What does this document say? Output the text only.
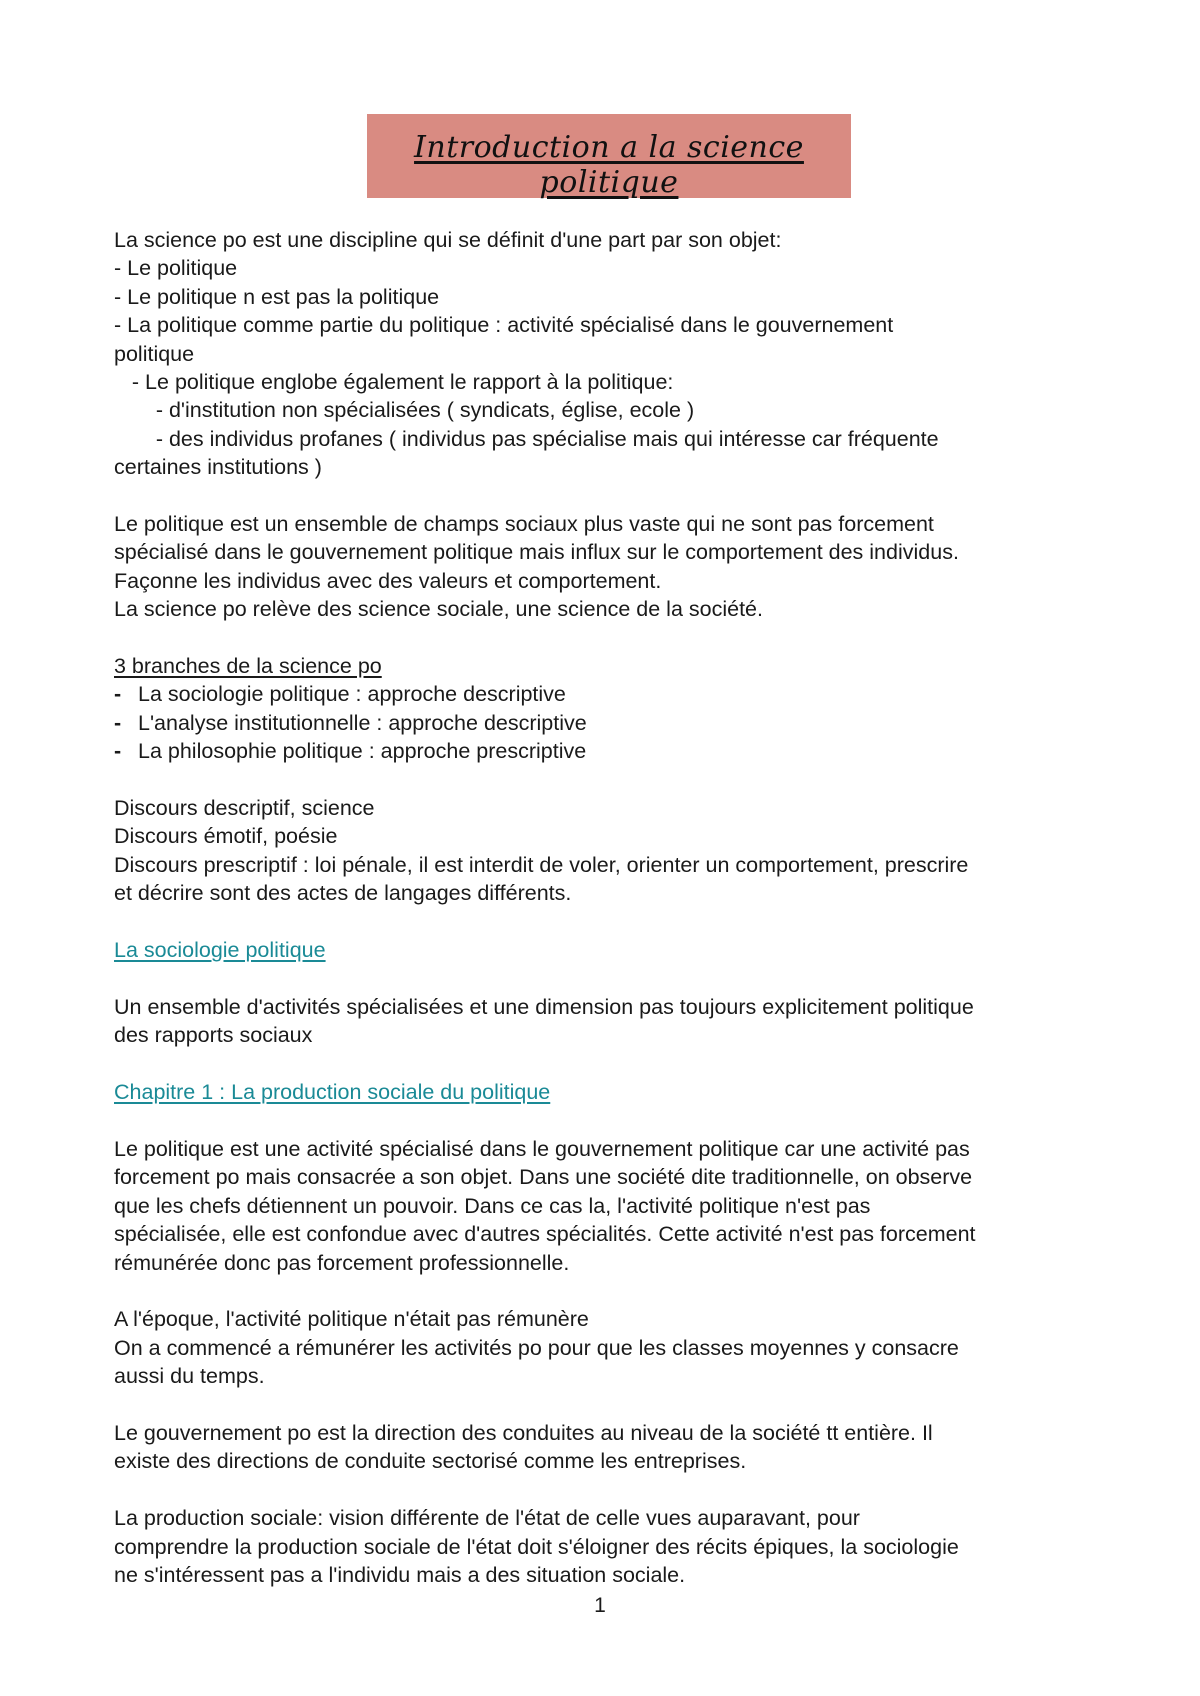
Introduction a la science politique
La science po est une discipline qui se définit d'une part par son objet:
- Le politique
- Le politique n est pas la politique
- La politique comme partie du politique : activité spécialisé dans le gouvernement
politique
- Le politique englobe également le rapport à la politique:
- d'institution non spécialisées ( syndicats, église, ecole )
- des individus profanes ( individus pas spécialise mais qui intéresse car fréquente
certaines institutions )
Le politique est un ensemble de champs sociaux plus vaste qui ne sont pas forcement
spécialisé dans le gouvernement politique mais influx sur le comportement des individus.
Façonne les individus avec des valeurs et comportement.
La science po relève des science sociale, une science de la société.
3 branches de la science po
- La sociologie politique : approche descriptive
- L'analyse institutionnelle : approche descriptive
- La philosophie politique : approche prescriptive
Discours descriptif, science
Discours émotif, poésie
Discours prescriptif : loi pénale, il est interdit de voler, orienter un comportement, prescrire
et décrire sont des actes de langages différents.
La sociologie politique
Un ensemble d'activités spécialisées et une dimension pas toujours explicitement politique
des rapports sociaux
Chapitre 1 : La production sociale du politique
Le politique est une activité spécialisé dans le gouvernement politique car une activité pas
forcement po mais consacrée a son objet. Dans une société dite traditionnelle, on observe
que les chefs détiennent un pouvoir. Dans ce cas la, l'activité politique n'est pas
spécialisée, elle est confondue avec d'autres spécialités. Cette activité n'est pas forcement
rémunérée donc pas forcement professionnelle.
A l'époque, l'activité politique n'était pas rémunère
On a commencé a rémunérer les activités po pour que les classes moyennes y consacre
aussi du temps.
Le gouvernement po est la direction des conduites au niveau de la société tt entière. Il
existe des directions de conduite sectorisé comme les entreprises.
La production sociale: vision différente de l'état de celle vues auparavant, pour
comprendre la production sociale de l'état doit s'éloigner des récits épiques, la sociologie
ne s'intéressent pas a l'individu mais a des situation sociale.
1
